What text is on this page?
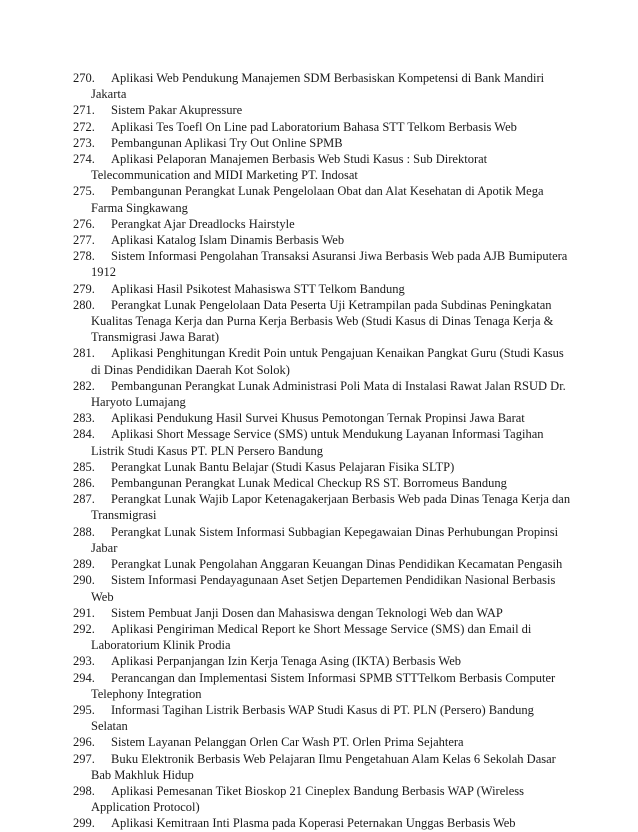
270. Aplikasi Web Pendukung Manajemen SDM Berbasiskan Kompetensi di Bank Mandiri Jakarta
271. Sistem Pakar Akupressure
272. Aplikasi Tes Toefl On Line pad Laboratorium Bahasa STT Telkom Berbasis Web
273. Pembangunan Aplikasi Try Out Online SPMB
274. Aplikasi Pelaporan Manajemen Berbasis Web Studi Kasus : Sub Direktorat Telecommunication and MIDI Marketing PT. Indosat
275. Pembangunan Perangkat Lunak Pengelolaan Obat dan Alat Kesehatan di Apotik Mega Farma Singkawang
276. Perangkat Ajar Dreadlocks Hairstyle
277. Aplikasi Katalog Islam Dinamis Berbasis Web
278. Sistem Informasi Pengolahan Transaksi Asuransi Jiwa Berbasis Web pada AJB Bumiputera 1912
279. Aplikasi Hasil Psikotest Mahasiswa STT Telkom Bandung
280. Perangkat Lunak Pengelolaan Data Peserta Uji Ketrampilan pada Subdinas Peningkatan Kualitas Tenaga Kerja dan Purna Kerja Berbasis Web (Studi Kasus di Dinas Tenaga Kerja & Transmigrasi Jawa Barat)
281. Aplikasi Penghitungan Kredit Poin untuk Pengajuan Kenaikan Pangkat Guru (Studi Kasus di Dinas Pendidikan Daerah Kot Solok)
282. Pembangunan Perangkat Lunak Administrasi Poli Mata di Instalasi Rawat Jalan RSUD Dr. Haryoto Lumajang
283. Aplikasi Pendukung Hasil Survei Khusus Pemotongan Ternak Propinsi Jawa Barat
284. Aplikasi Short Message Service (SMS) untuk Mendukung Layanan Informasi Tagihan Listrik Studi Kasus PT. PLN Persero Bandung
285. Perangkat Lunak Bantu Belajar (Studi Kasus Pelajaran Fisika SLTP)
286. Pembangunan Perangkat Lunak Medical Checkup RS ST. Borromeus Bandung
287. Perangkat Lunak Wajib Lapor Ketenagakerjaan Berbasis Web pada Dinas Tenaga Kerja dan Transmigrasi
288. Perangkat Lunak Sistem Informasi Subbagian Kepegawaian Dinas Perhubungan Propinsi Jabar
289. Perangkat Lunak Pengolahan Anggaran Keuangan Dinas Pendidikan Kecamatan Pengasih
290. Sistem Informasi Pendayagunaan Aset Setjen Departemen Pendidikan Nasional Berbasis Web
291. Sistem Pembuat Janji Dosen dan Mahasiswa dengan Teknologi Web dan WAP
292. Aplikasi Pengiriman Medical Report ke Short Message Service (SMS) dan Email di Laboratorium Klinik Prodia
293. Aplikasi Perpanjangan Izin Kerja Tenaga Asing (IKTA) Berbasis Web
294. Perancangan dan Implementasi Sistem Informasi SPMB STTTelkom Berbasis Computer Telephony Integration
295. Informasi Tagihan Listrik Berbasis WAP Studi Kasus di PT. PLN (Persero) Bandung Selatan
296. Sistem Layanan Pelanggan Orlen Car Wash PT. Orlen Prima Sejahtera
297. Buku Elektronik Berbasis Web Pelajaran Ilmu Pengetahuan Alam Kelas 6 Sekolah Dasar Bab Makhluk Hidup
298. Aplikasi Pemesanan Tiket Bioskop 21 Cineplex Bandung Berbasis WAP (Wireless Application Protocol)
299. Aplikasi Kemitraan Inti Plasma pada Koperasi Peternakan Unggas Berbasis Web
